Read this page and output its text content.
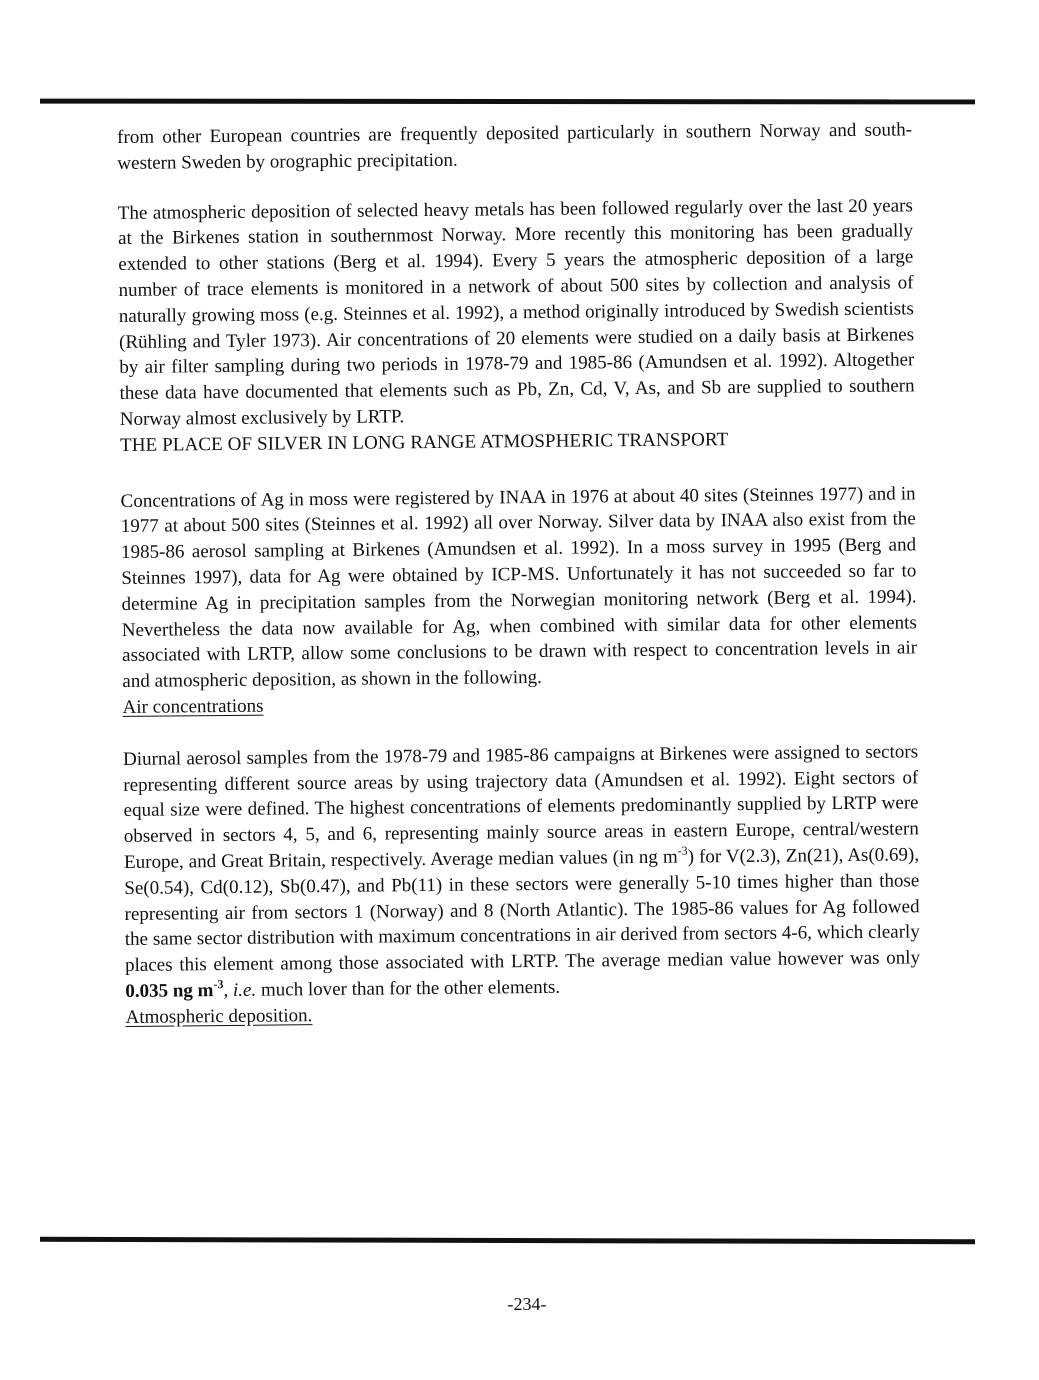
from other European countries are frequently deposited particularly in southern Norway and south-western Sweden by orographic precipitation.

The atmospheric deposition of selected heavy metals has been followed regularly over the last 20 years at the Birkenes station in southernmost Norway. More recently this monitoring has been gradually extended to other stations (Berg et al. 1994). Every 5 years the atmospheric deposition of a large number of trace elements is monitored in a network of about 500 sites by collection and analysis of naturally growing moss (e.g. Steinnes et al. 1992), a method originally introduced by Swedish scientists (Rühling and Tyler 1973). Air concentrations of 20 elements were studied on a daily basis at Birkenes by air filter sampling during two periods in 1978-79 and 1985-86 (Amundsen et al. 1992). Altogether these data have documented that elements such as Pb, Zn, Cd, V, As, and Sb are supplied to southern Norway almost exclusively by LRTP.

THE PLACE OF SILVER IN LONG RANGE ATMOSPHERIC TRANSPORT

Concentrations of Ag in moss were registered by INAA in 1976 at about 40 sites (Steinnes 1977) and in 1977 at about 500 sites (Steinnes et al. 1992) all over Norway. Silver data by INAA also exist from the 1985-86 aerosol sampling at Birkenes (Amundsen et al. 1992). In a moss survey in 1995 (Berg and Steinnes 1997), data for Ag were obtained by ICP-MS. Unfortunately it has not succeeded so far to determine Ag in precipitation samples from the Norwegian monitoring network (Berg et al. 1994). Nevertheless the data now available for Ag, when combined with similar data for other elements associated with LRTP, allow some conclusions to be drawn with respect to concentration levels in air and atmospheric deposition, as shown in the following.

Air concentrations

Diurnal aerosol samples from the 1978-79 and 1985-86 campaigns at Birkenes were assigned to sectors representing different source areas by using trajectory data (Amundsen et al. 1992). Eight sectors of equal size were defined. The highest concentrations of elements predominantly supplied by LRTP were observed in sectors 4, 5, and 6, representing mainly source areas in eastern Europe, central/western Europe, and Great Britain, respectively. Average median values (in ng $m^{-3}$) for V(2.3), Zn(21), As(0.69), Se(0.54), Cd(0.12), Sb(0.47), and Pb(11) in these sectors were generally 5-10 times higher than those representing air from sectors 1 (Norway) and 8 (North Atlantic). The 1985-86 values for Ag followed the same sector distribution with maximum concentrations in air derived from sectors 4-6, which clearly places this element among those associated with LRTP. The average median value however was only 0.035 ng $m^{-3}$, i.e. much lover than for the other elements.

Atmospheric deposition.

-234-
